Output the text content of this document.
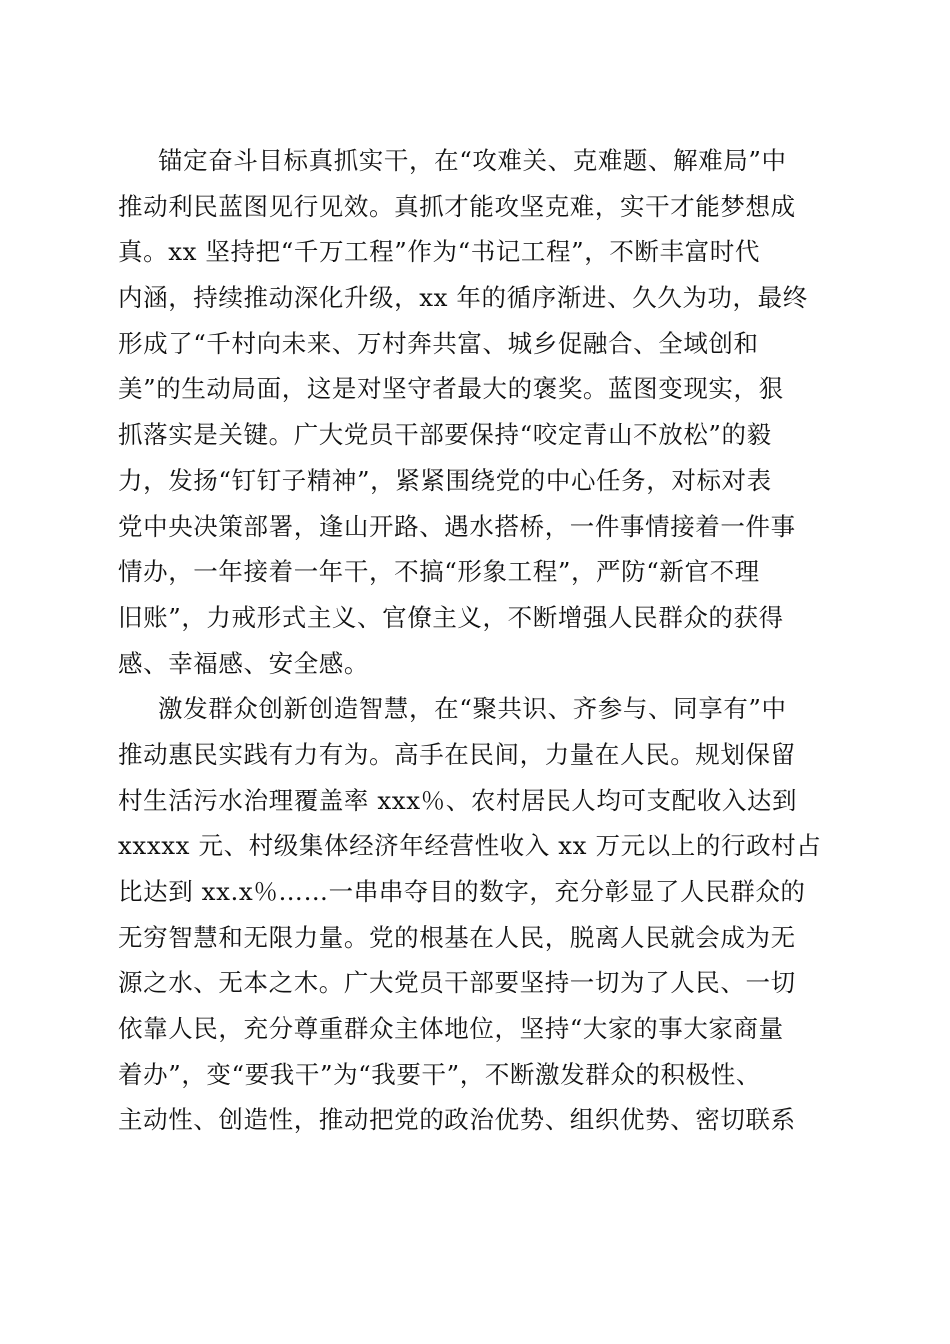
锚定奋斗目标真抓实干，在“攻难关、克难题、解难局”中
推动利民蓝图见行见效。真抓才能攻坚克难，实干才能梦想成
真。xx 坚持把“千万工程”作为“书记工程”，不断丰富时代
内涵，持续推动深化升级，xx 年的循序渐进、久久为功，最终
形成了“千村向未来、万村奔共富、城乡促融合、全域创和
美”的生动局面，这是对坚守者最大的褒奖。蓝图变现实，狠
抓落实是关键。广大党员干部要保持“咬定青山不放松”的毅
力，发扬“钉钉子精神”，紧紧围绕党的中心任务，对标对表
党中央决策部署，逢山开路、遇水搭桥，一件事情接着一件事
情办，一年接着一年干，不搞“形象工程”，严防“新官不理
旧账”，力戒形式主义、官僚主义，不断增强人民群众的获得
感、幸福感、安全感。
激发群众创新创造智慧，在“聚共识、齐参与、同享有”中
推动惠民实践有力有为。高手在民间，力量在人民。规划保留
村生活污水治理覆盖率 xxx％、农村居民人均可支配收入达到
xxxxx 元、村级集体经济年经营性收入 xx 万元以上的行政村占
比达到 xx.x％……一串串夺目的数字，充分彰显了人民群众的
无穷智慧和无限力量。党的根基在人民，脱离人民就会成为无
源之水、无本之木。广大党员干部要坚持一切为了人民、一切
依靠人民，充分尊重群众主体地位，坚持“大家的事大家商量
着办”，变“要我干”为“我要干”，不断激发群众的积极性、
主动性、创造性，推动把党的政治优势、组织优势、密切联系
